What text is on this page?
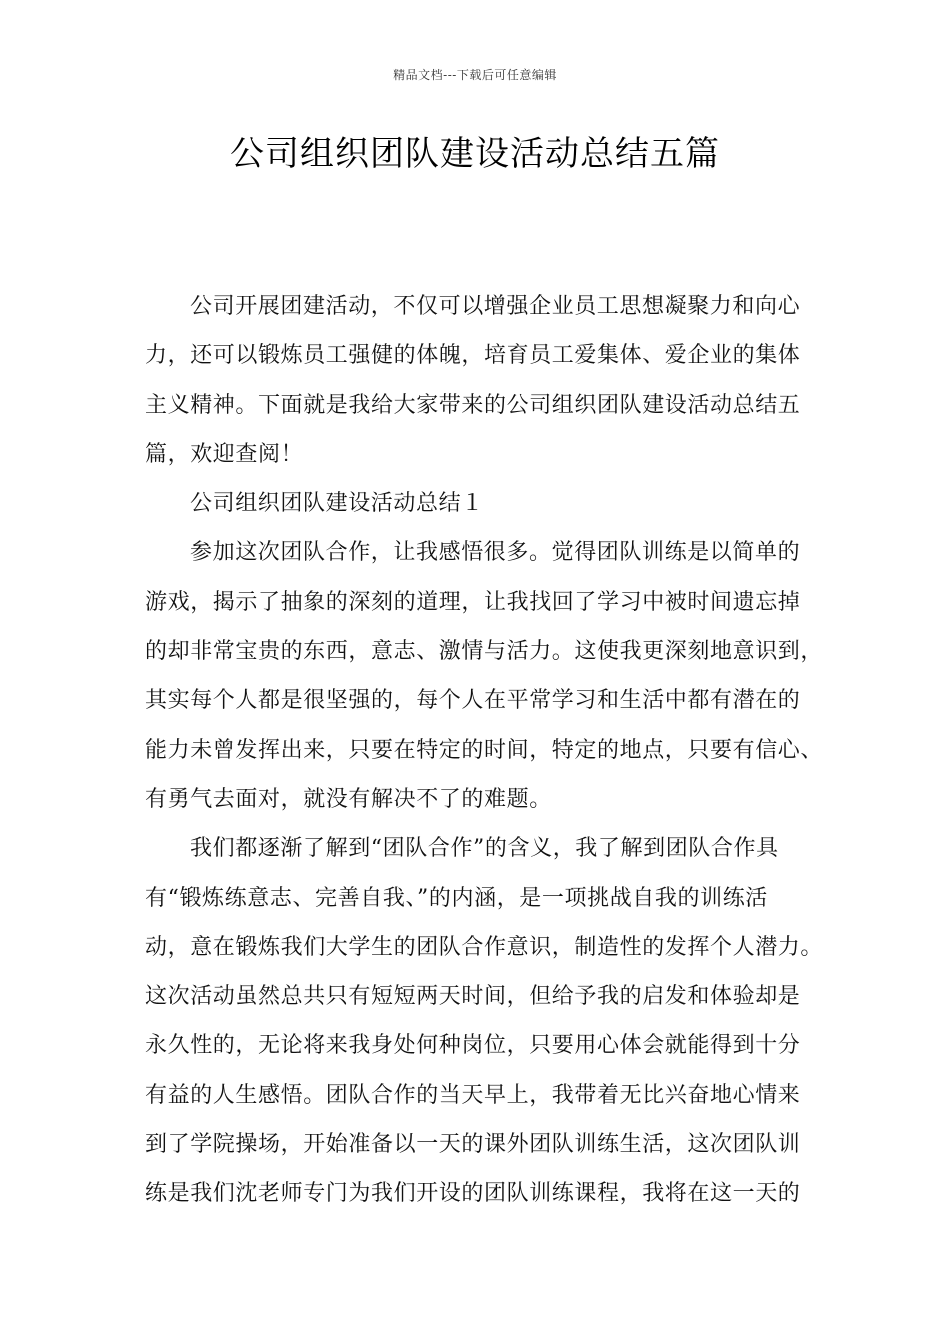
精品文档---下载后可任意编辑
公司组织团队建设活动总结五篇
公司开展团建活动，不仅可以增强企业员工思想凝聚力和向心
力，还可以锻炼员工强健的体魄，培育员工爱集体、爱企业的集体
主义精神。下面就是我给大家带来的公司组织团队建设活动总结五
篇，欢迎查阅！
公司组织团队建设活动总结１
参加这次团队合作，让我感悟很多。觉得团队训练是以简单的
游戏，揭示了抽象的深刻的道理，让我找回了学习中被时间遗忘掉
的却非常宝贵的东西，意志、激情与活力。这使我更深刻地意识到，
其实每个人都是很坚强的，每个人在平常学习和生活中都有潜在的
能力未曾发挥出来，只要在特定的时间，特定的地点，只要有信心、
有勇气去面对，就没有解决不了的难题。
我们都逐渐了解到“团队合作”的含义，我了解到团队合作具
有“锻炼练意志、完善自我、”的内涵，是一项挑战自我的训练活
动，意在锻炼我们大学生的团队合作意识，制造性的发挥个人潜力。
这次活动虽然总共只有短短两天时间，但给予我的启发和体验却是
永久性的，无论将来我身处何种岗位，只要用心体会就能得到十分
有益的人生感悟。团队合作的当天早上，我带着无比兴奋地心情来
到了学院操场，开始准备以一天的课外团队训练生活，这次团队训
练是我们沈老师专门为我们开设的团队训练课程，我将在这一天的
